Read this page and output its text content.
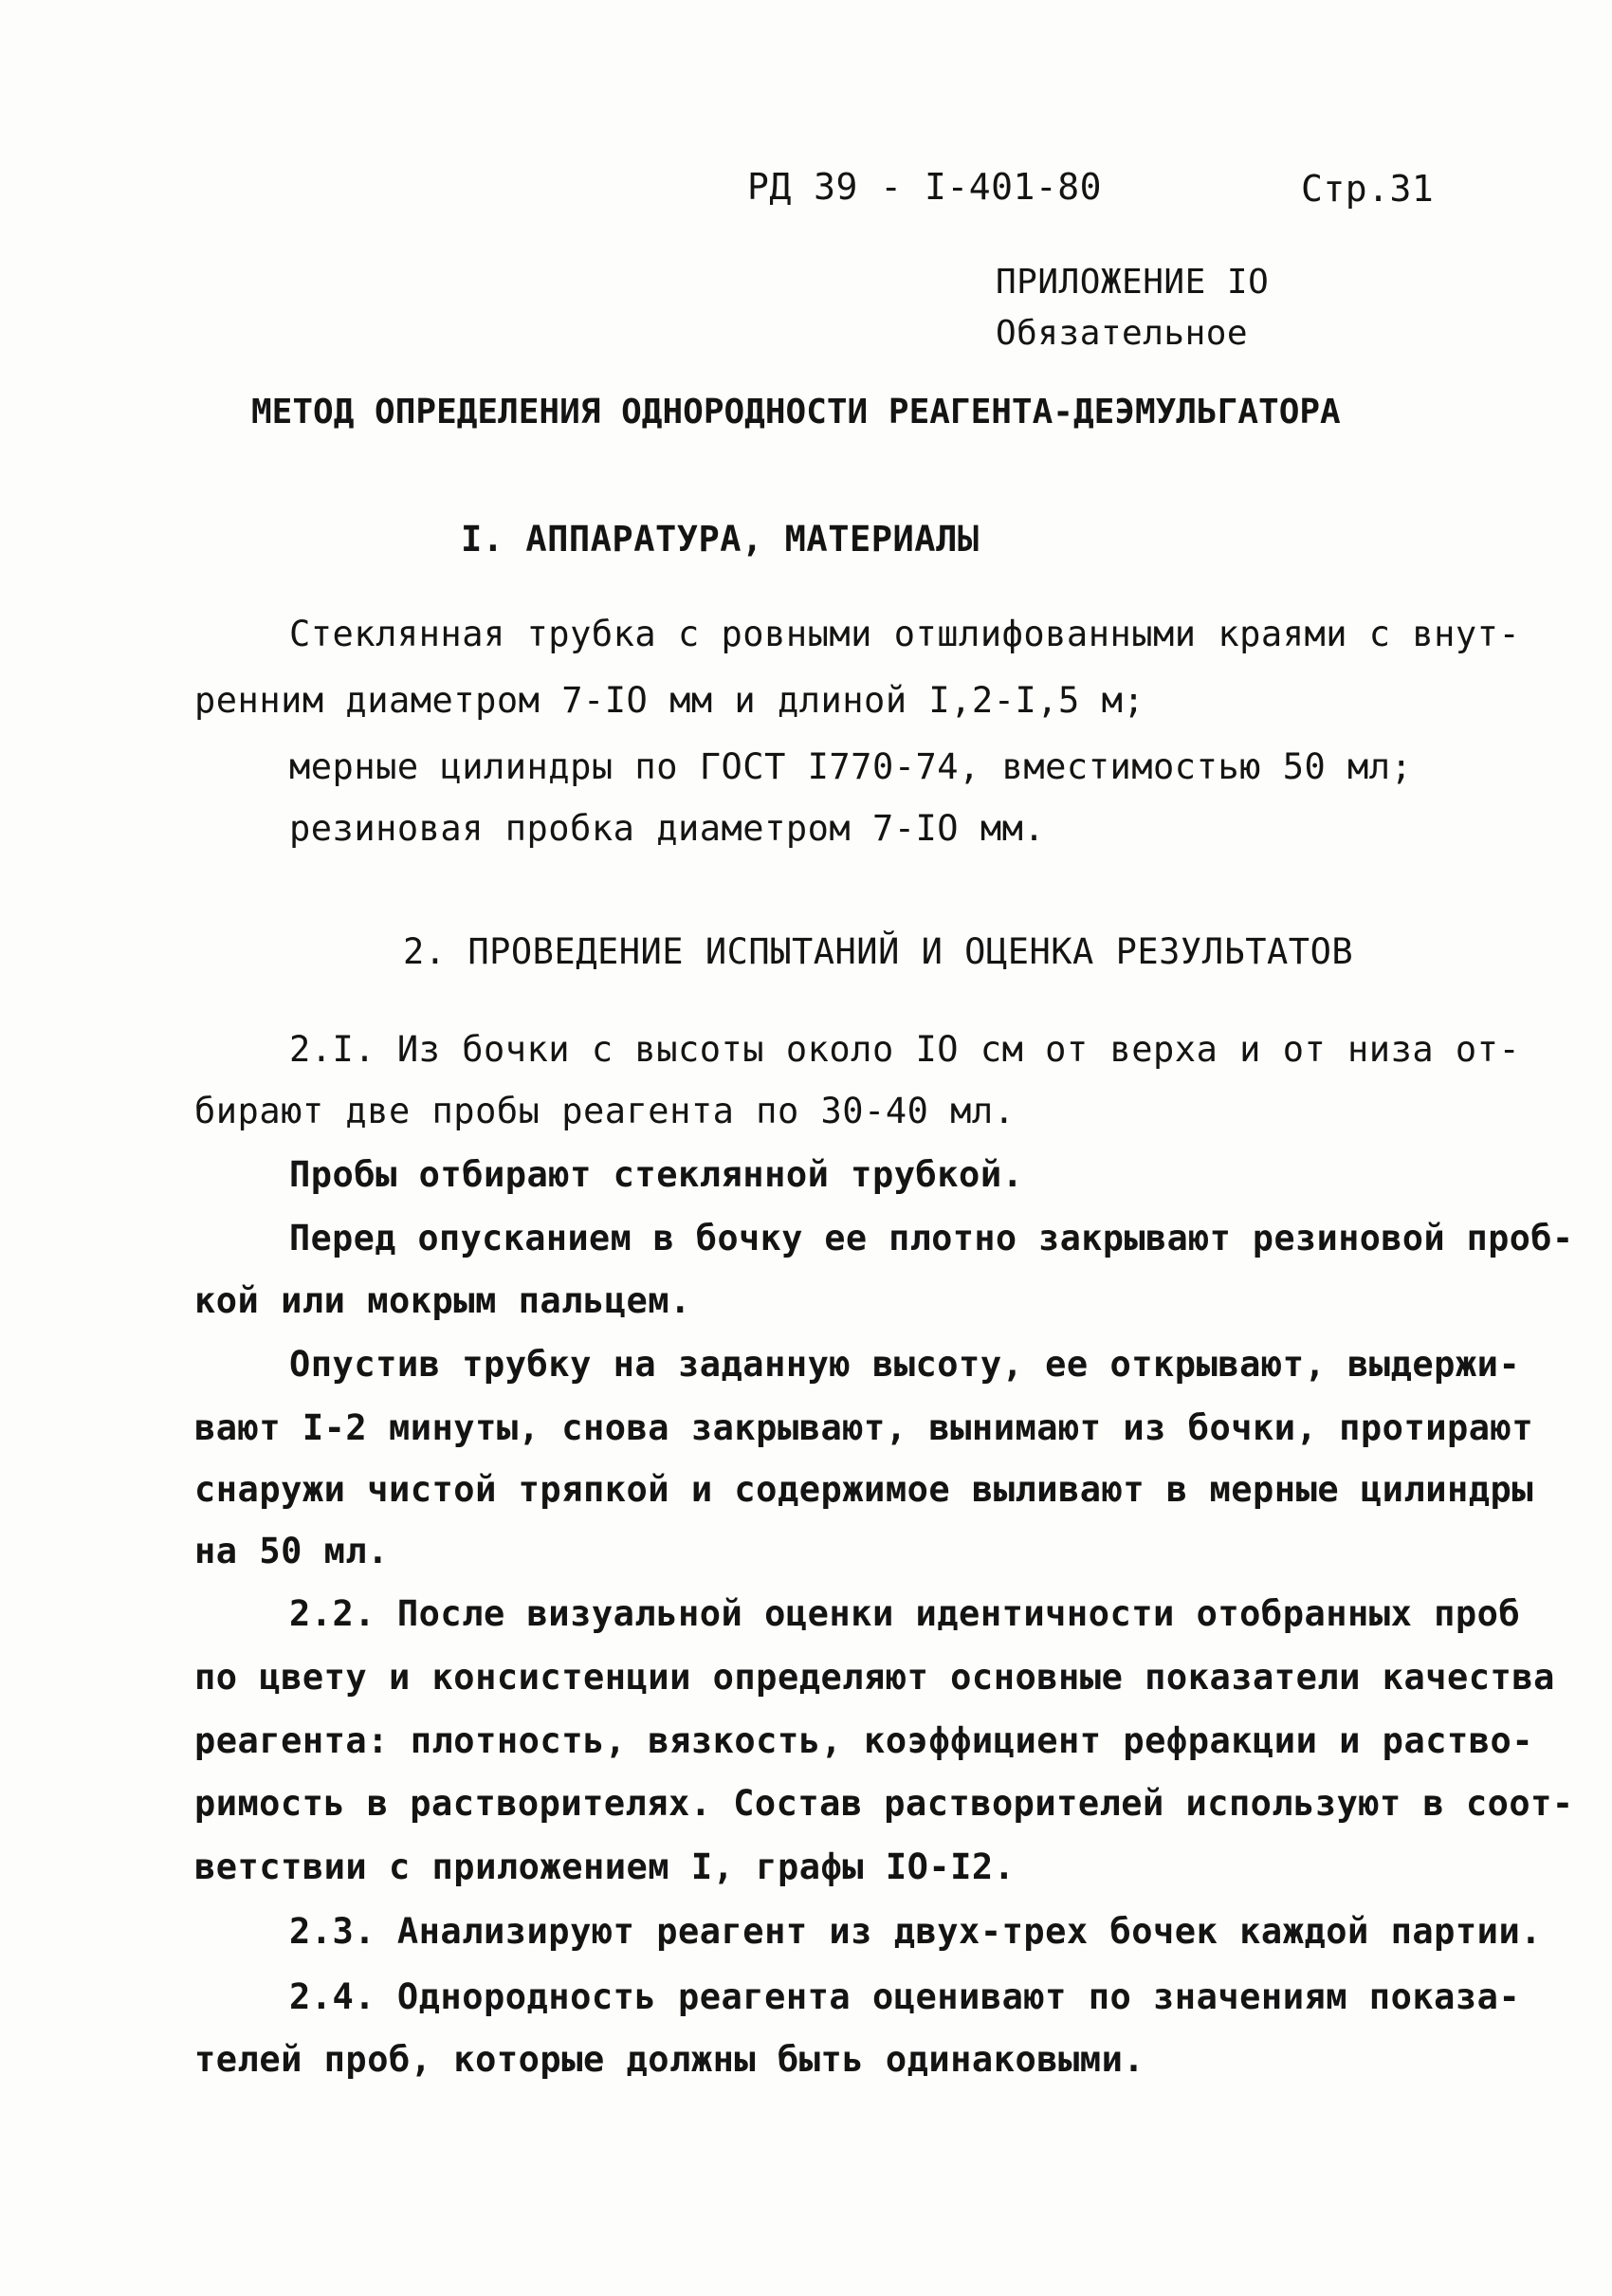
РД 39 - I-401-80	Стр.31
ПРИЛОЖЕНИЕ IO
Обязательное
МЕТОД ОПРЕДЕЛЕНИЯ ОДНОРОДНОСТИ РЕАГЕНТА-ДЕЭМУЛЬГАТОРА
I. АППАРАТУРА, МАТЕРИАЛЫ
Стеклянная трубка с ровными отшлифованными краями с внут-
ренним диаметром 7-IO мм и длиной I,2-I,5 м;
мерные цилиндры по ГОСТ I770-74, вместимостью 50 мл;
резиновая пробка диаметром 7-IO мм.
2. ПРОВЕДЕНИЕ ИСПЫТАНИЙ И ОЦЕНКА РЕЗУЛЬТАТОВ
2.I. Из бочки с высоты около IO см от верха и от низа от-
бирают две пробы реагента по 30-40 мл.
Пробы отбирают стеклянной трубкой.
Перед опусканием в бочку ее плотно закрывают резиновой проб-
кой или мокрым пальцем.
Опустив трубку на заданную высоту, ее открывают, выдержи-
вают I-2 минуты, снова закрывают, вынимают из бочки, протирают
снаружи чистой тряпкой и содержимое выливают в мерные цилиндры
на 50 мл.
2.2. После визуальной оценки идентичности отобранных проб
по цвету и консистенции определяют основные показатели качества
реагента: плотность, вязкость, коэффициент рефракции и раство-
римость в растворителях. Состав растворителей используют в соот-
ветствии с приложением I, графы IO-I2.
2.3. Анализируют реагент из двух-трех бочек каждой партии.
2.4. Однородность реагента оценивают по значениям показа-
телей проб, которые должны быть одинаковыми.
